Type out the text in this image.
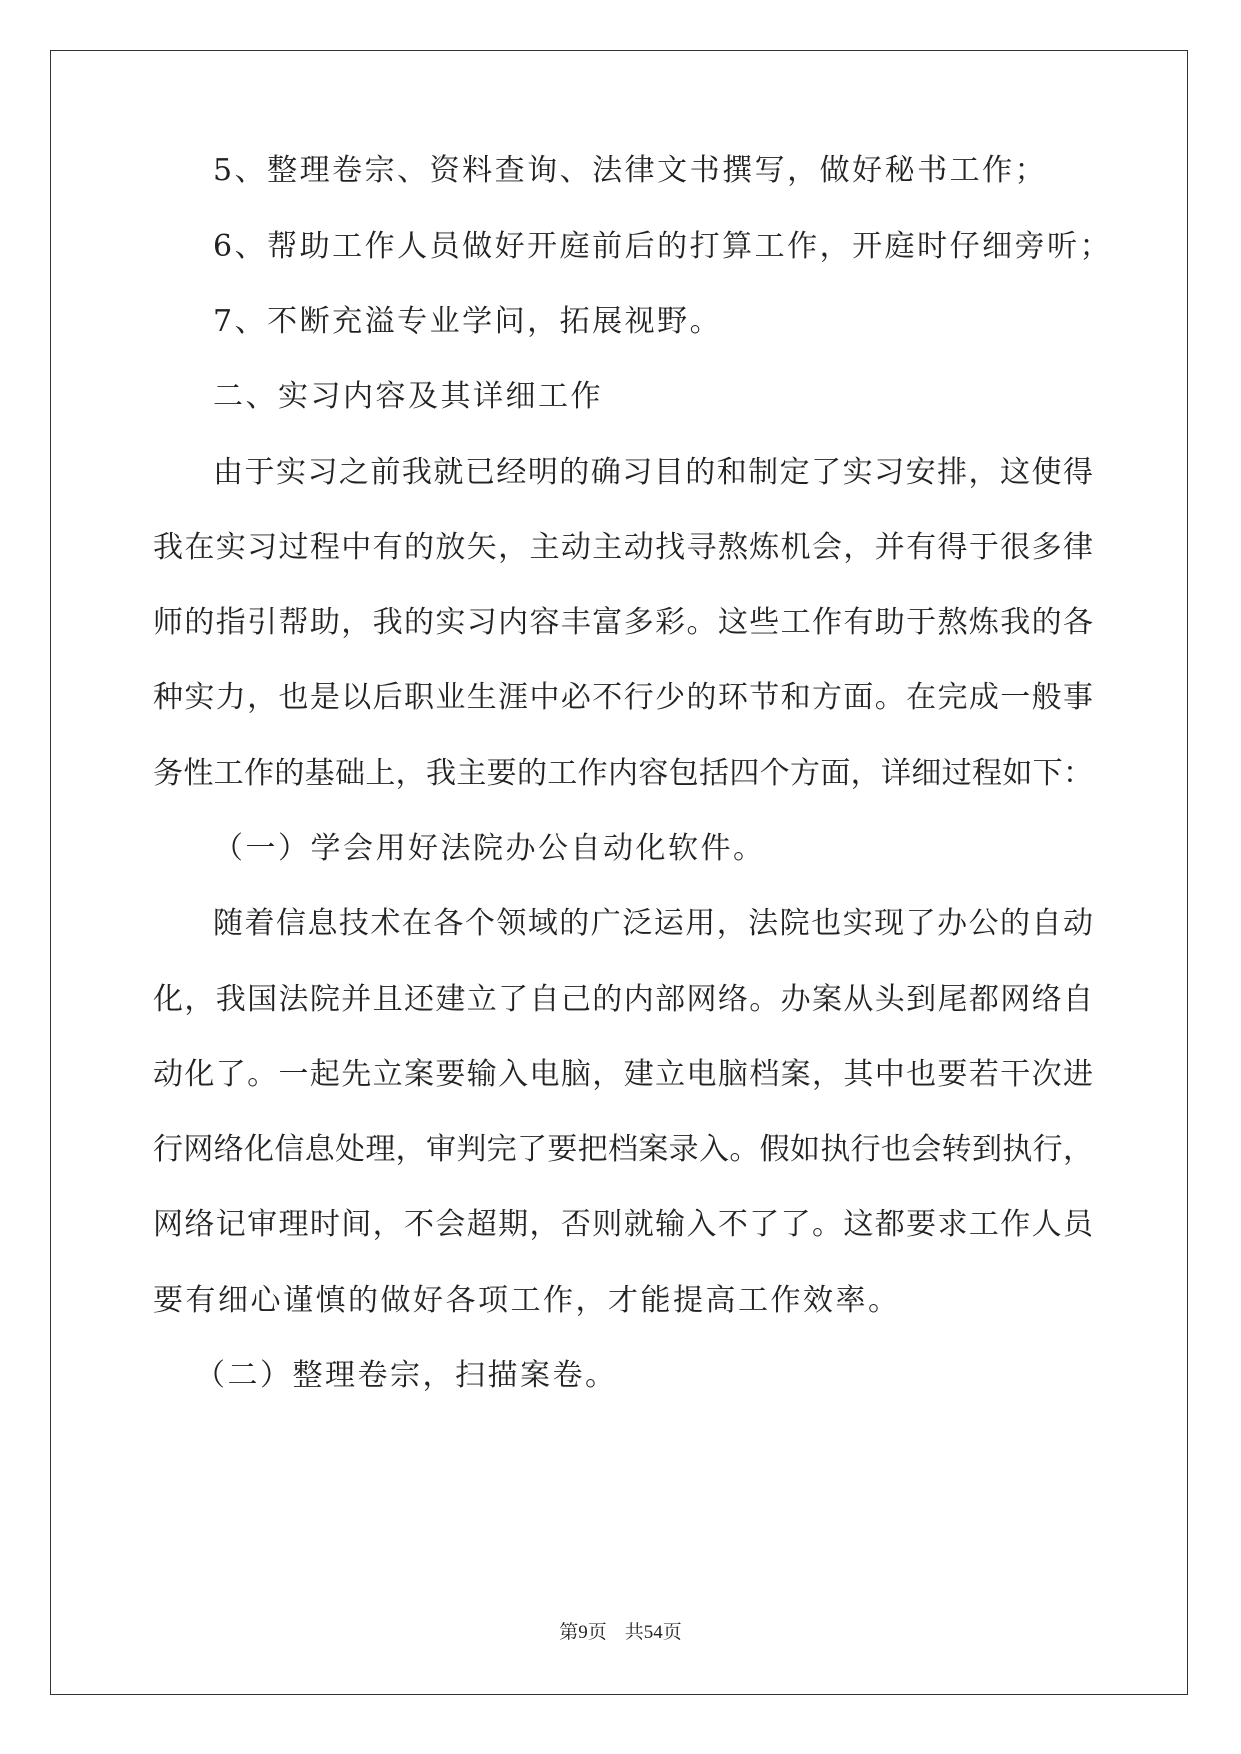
5、整理卷宗、资料查询、法律文书撰写，做好秘书工作；
6、帮助工作人员做好开庭前后的打算工作，开庭时仔细旁听；
7、不断充溢专业学问，拓展视野。
二、实习内容及其详细工作
由于实习之前我就已经明的确习目的和制定了实习安排，这使得
我在实习过程中有的放矢，主动主动找寻熬炼机会，并有得于很多律
师的指引帮助，我的实习内容丰富多彩。这些工作有助于熬炼我的各
种实力，也是以后职业生涯中必不行少的环节和方面。在完成一般事
务性工作的基础上，我主要的工作内容包括四个方面，详细过程如下：
（一）学会用好法院办公自动化软件。
随着信息技术在各个领域的广泛运用，法院也实现了办公的自动
化，我国法院并且还建立了自己的内部网络。办案从头到尾都网络自
动化了。一起先立案要输入电脑，建立电脑档案，其中也要若干次进
行网络化信息处理，审判完了要把档案录入。假如执行也会转到执行，
网络记审理时间，不会超期，否则就输入不了了。这都要求工作人员
要有细心谨慎的做好各项工作，才能提高工作效率。
（二）整理卷宗，扫描案卷。
第9页 共54页
